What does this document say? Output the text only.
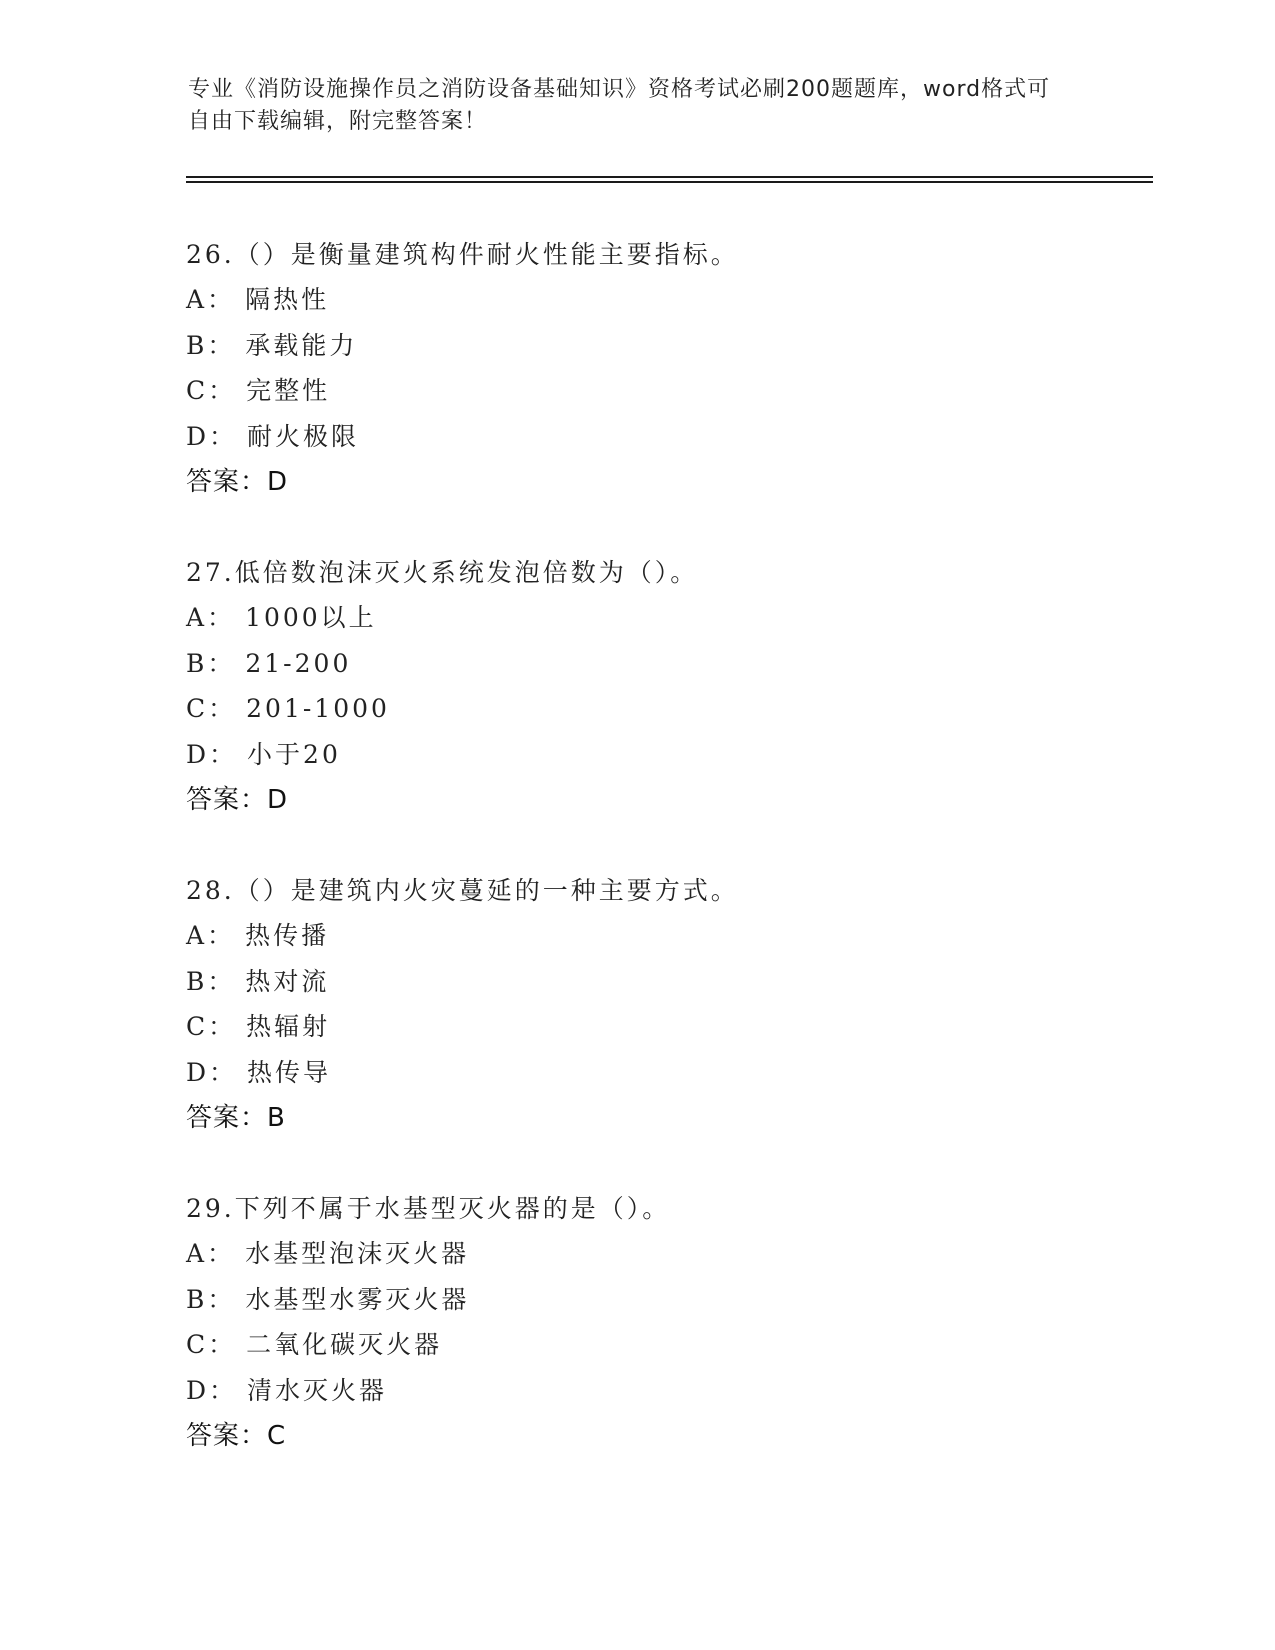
专业《消防设施操作员之消防设备基础知识》资格考试必刷200题题库，word格式可自由下载编辑，附完整答案！

26.（）是衡量建筑构件耐火性能主要指标。

A： 隔热性
B： 承载能力
C： 完整性
D： 耐火极限
答案：D

27.低倍数泡沫灭火系统发泡倍数为（）。

A： 1000以上
B： 21-200
C： 201-1000
D： 小于20
答案：D

28.（）是建筑内火灾蔓延的一种主要方式。

A： 热传播
B： 热对流
C： 热辐射
D： 热传导
答案：B

29.下列不属于水基型灭火器的是（）。

A： 水基型泡沫灭火器
B： 水基型水雾灭火器
C： 二氧化碳灭火器
D： 清水灭火器
答案：C
